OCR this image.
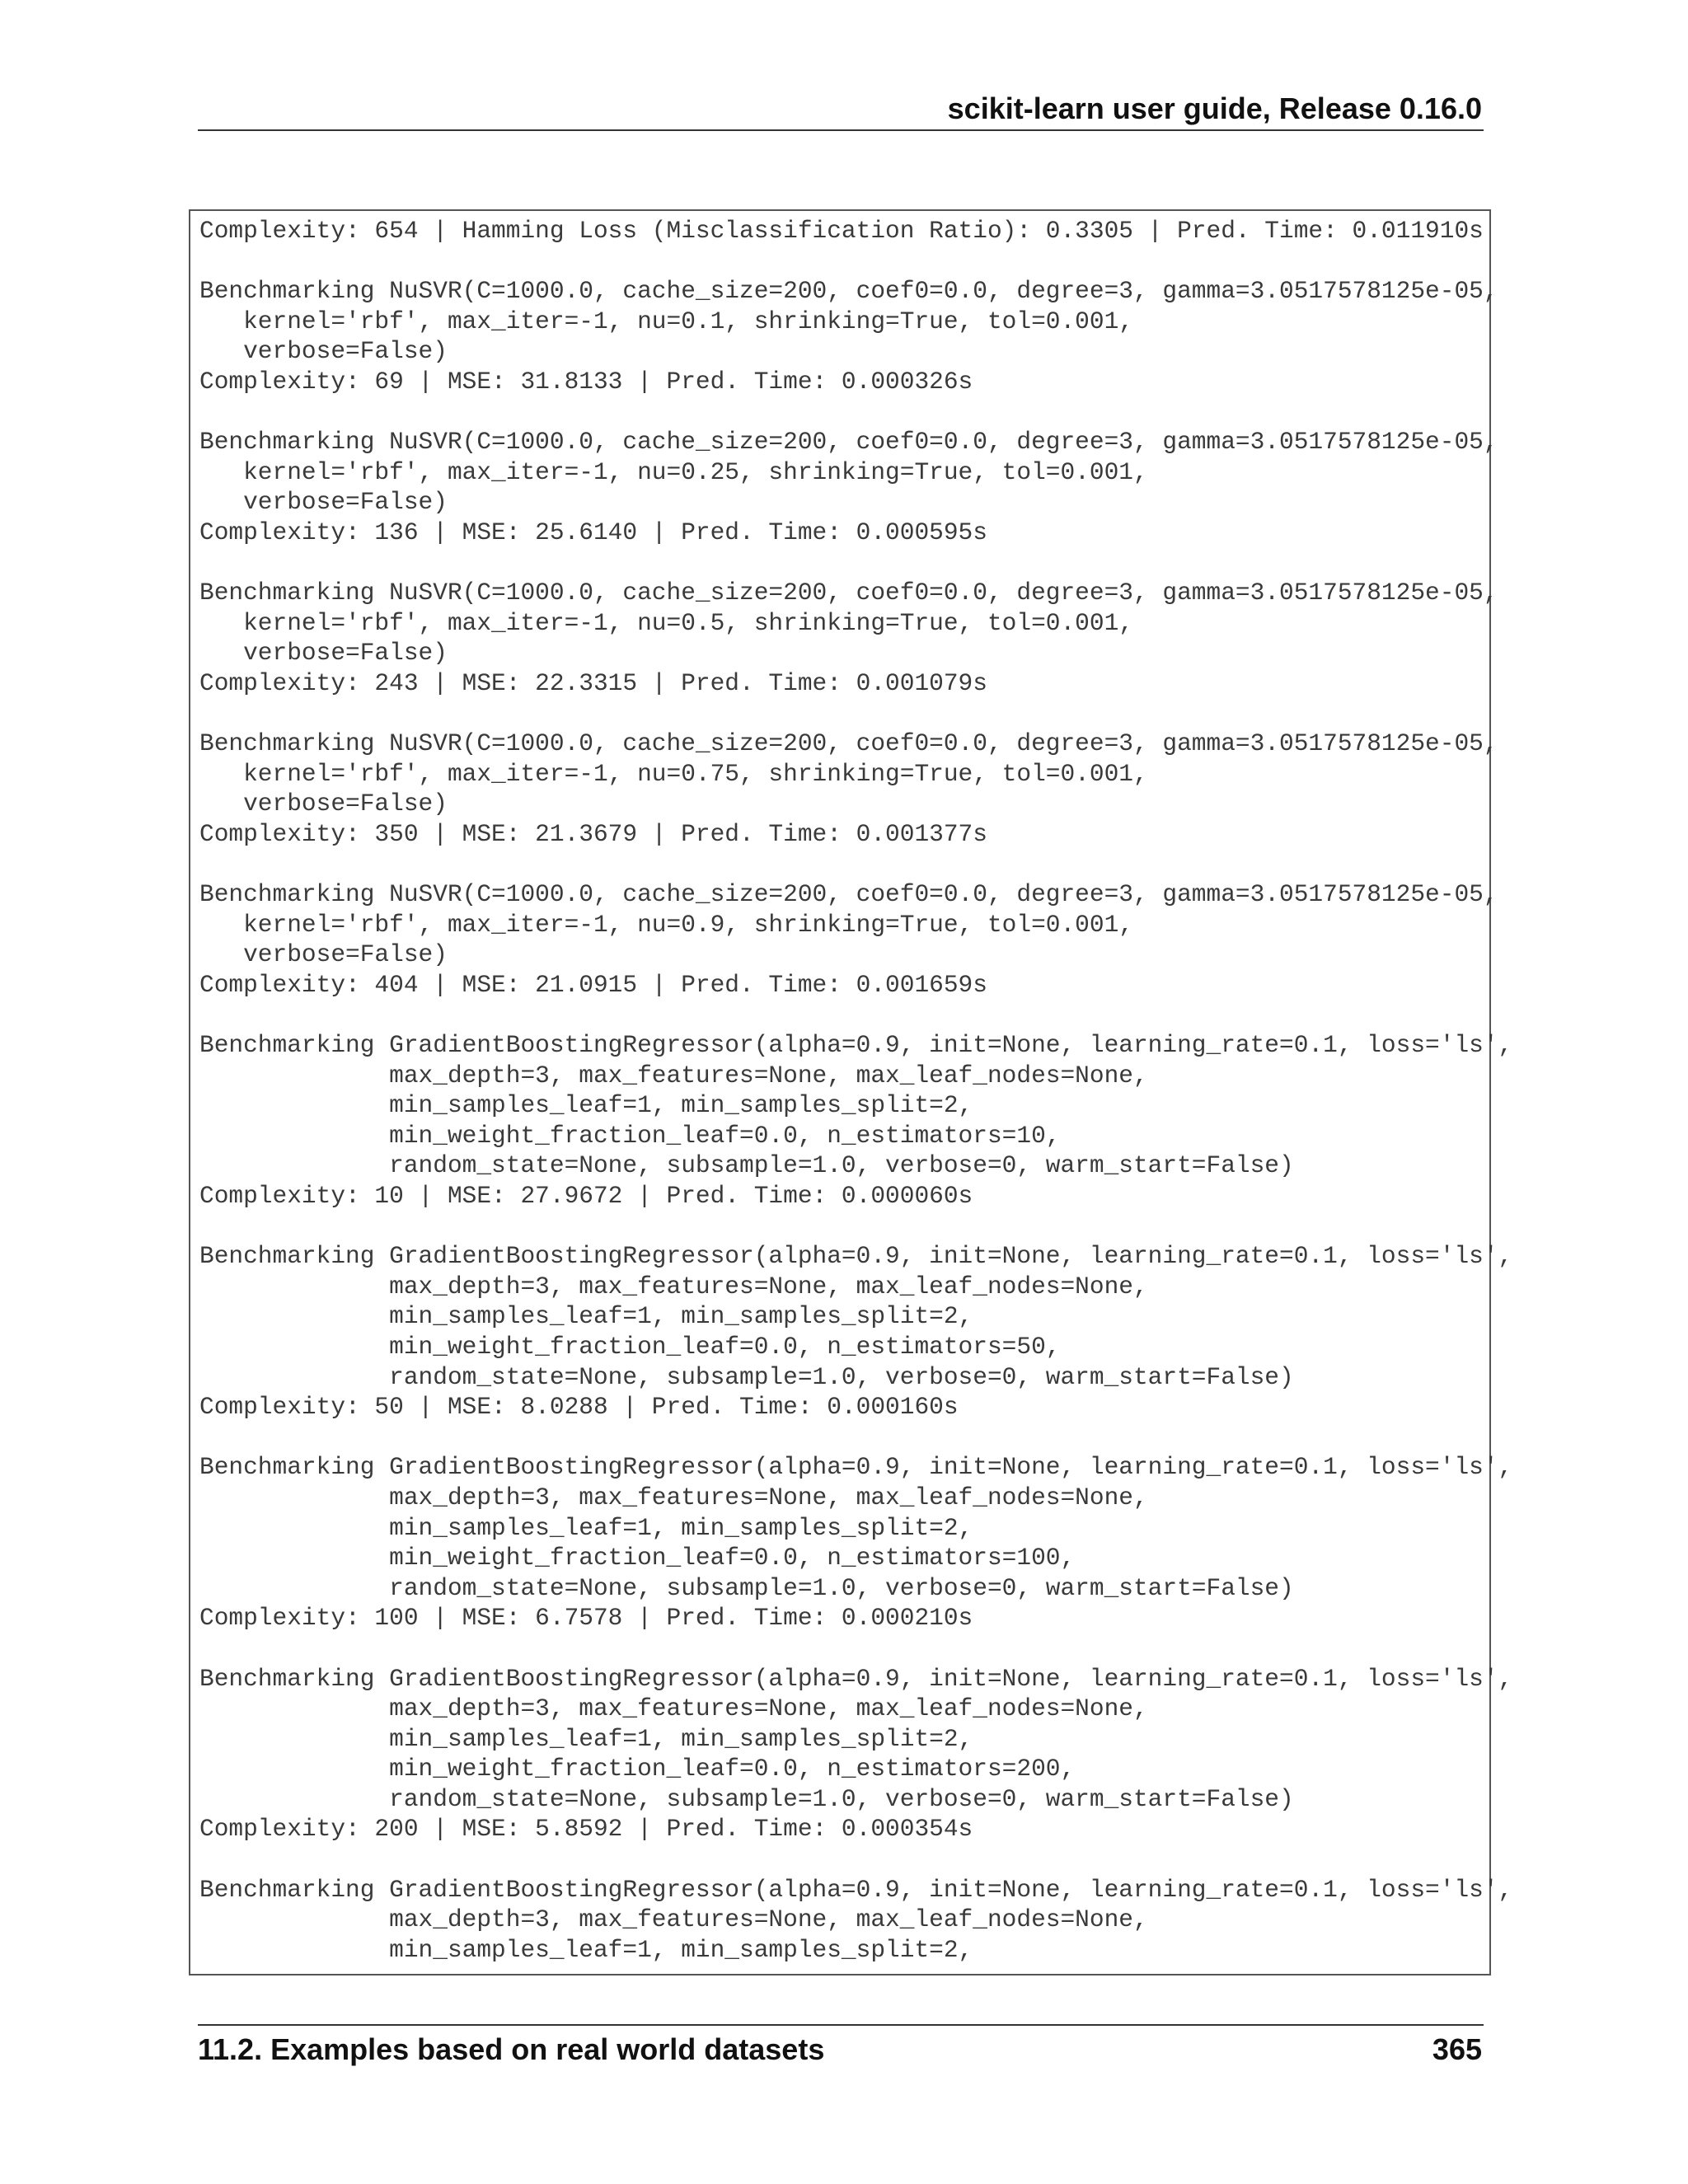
scikit-learn user guide, Release 0.16.0
Complexity: 654 | Hamming Loss (Misclassification Ratio): 0.3305 | Pred. Time: 0.011910s
Benchmarking NuSVR(C=1000.0, cache_size=200, coef0=0.0, degree=3, gamma=3.0517578125e-05,
kernel='rbf', max_iter=-1, nu=0.1, shrinking=True, tol=0.001,
verbose=False)
Complexity: 69 | MSE: 31.8133 | Pred. Time: 0.000326s
Benchmarking NuSVR(C=1000.0, cache_size=200, coef0=0.0, degree=3, gamma=3.0517578125e-05,
kernel='rbf', max_iter=-1, nu=0.25, shrinking=True, tol=0.001,
verbose=False)
Complexity: 136 | MSE: 25.6140 | Pred. Time: 0.000595s
Benchmarking NuSVR(C=1000.0, cache_size=200, coef0=0.0, degree=3, gamma=3.0517578125e-05,
kernel='rbf', max_iter=-1, nu=0.5, shrinking=True, tol=0.001,
verbose=False)
Complexity: 243 | MSE: 22.3315 | Pred. Time: 0.001079s
Benchmarking NuSVR(C=1000.0, cache_size=200, coef0=0.0, degree=3, gamma=3.0517578125e-05,
kernel='rbf', max_iter=-1, nu=0.75, shrinking=True, tol=0.001,
verbose=False)
Complexity: 350 | MSE: 21.3679 | Pred. Time: 0.001377s
Benchmarking NuSVR(C=1000.0, cache_size=200, coef0=0.0, degree=3, gamma=3.0517578125e-05,
kernel='rbf', max_iter=-1, nu=0.9, shrinking=True, tol=0.001,
verbose=False)
Complexity: 404 | MSE: 21.0915 | Pred. Time: 0.001659s
Benchmarking GradientBoostingRegressor(alpha=0.9, init=None, learning_rate=0.1, loss='ls',
max_depth=3, max_features=None, max_leaf_nodes=None,
min_samples_leaf=1, min_samples_split=2,
min_weight_fraction_leaf=0.0, n_estimators=10,
random_state=None, subsample=1.0, verbose=0, warm_start=False)
Complexity: 10 | MSE: 27.9672 | Pred. Time: 0.000060s
Benchmarking GradientBoostingRegressor(alpha=0.9, init=None, learning_rate=0.1, loss='ls',
max_depth=3, max_features=None, max_leaf_nodes=None,
min_samples_leaf=1, min_samples_split=2,
min_weight_fraction_leaf=0.0, n_estimators=50,
random_state=None, subsample=1.0, verbose=0, warm_start=False)
Complexity: 50 | MSE: 8.0288 | Pred. Time: 0.000160s
Benchmarking GradientBoostingRegressor(alpha=0.9, init=None, learning_rate=0.1, loss='ls',
max_depth=3, max_features=None, max_leaf_nodes=None,
min_samples_leaf=1, min_samples_split=2,
min_weight_fraction_leaf=0.0, n_estimators=100,
random_state=None, subsample=1.0, verbose=0, warm_start=False)
Complexity: 100 | MSE: 6.7578 | Pred. Time: 0.000210s
Benchmarking GradientBoostingRegressor(alpha=0.9, init=None, learning_rate=0.1, loss='ls',
max_depth=3, max_features=None, max_leaf_nodes=None,
min_samples_leaf=1, min_samples_split=2,
min_weight_fraction_leaf=0.0, n_estimators=200,
random_state=None, subsample=1.0, verbose=0, warm_start=False)
Complexity: 200 | MSE: 5.8592 | Pred. Time: 0.000354s
Benchmarking GradientBoostingRegressor(alpha=0.9, init=None, learning_rate=0.1, loss='ls',
max_depth=3, max_features=None, max_leaf_nodes=None,
min_samples_leaf=1, min_samples_split=2,
11.2. Examples based on real world datasets	365
